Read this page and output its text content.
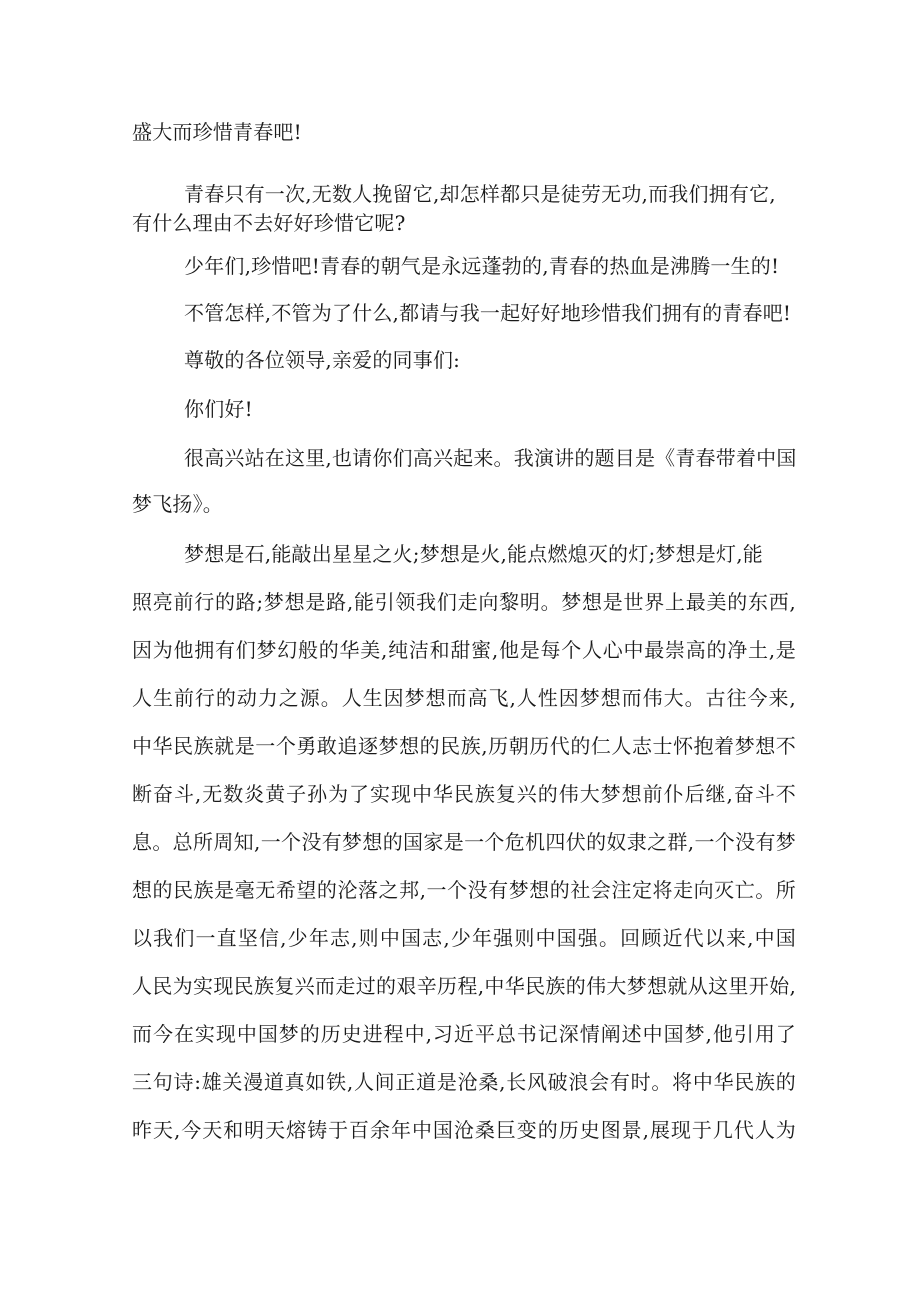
盛大而珍惜青春吧!
青春只有一次,无数人挽留它,却怎样都只是徒劳无功,而我们拥有它,
有什么理由不去好好珍惜它呢?
少年们,珍惜吧!青春的朝气是永远蓬勃的,青春的热血是沸腾一生的!
不管怎样,不管为了什么,都请与我一起好好地珍惜我们拥有的青春吧!
尊敬的各位领导,亲爱的同事们:
你们好!
很高兴站在这里,也请你们高兴起来。我演讲的题目是《青春带着中国
梦飞扬》。
梦想是石,能敲出星星之火;梦想是火,能点燃熄灭的灯;梦想是灯,能
照亮前行的路;梦想是路,能引领我们走向黎明。梦想是世界上最美的东西,
因为他拥有们梦幻般的华美,纯洁和甜蜜,他是每个人心中最崇高的净土,是
人生前行的动力之源。人生因梦想而高飞,人性因梦想而伟大。古往今来,
中华民族就是一个勇敢追逐梦想的民族,历朝历代的仁人志士怀抱着梦想不
断奋斗,无数炎黄子孙为了实现中华民族复兴的伟大梦想前仆后继,奋斗不
息。总所周知,一个没有梦想的国家是一个危机四伏的奴隶之群,一个没有梦
想的民族是毫无希望的沦落之邦,一个没有梦想的社会注定将走向灭亡。所
以我们一直坚信,少年志,则中国志,少年强则中国强。回顾近代以来,中国
人民为实现民族复兴而走过的艰辛历程,中华民族的伟大梦想就从这里开始,
而今在实现中国梦的历史进程中,习近平总书记深情阐述中国梦,他引用了
三句诗:雄关漫道真如铁,人间正道是沧桑,长风破浪会有时。将中华民族的
昨天,今天和明天熔铸于百余年中国沧桑巨变的历史图景,展现于几代人为
